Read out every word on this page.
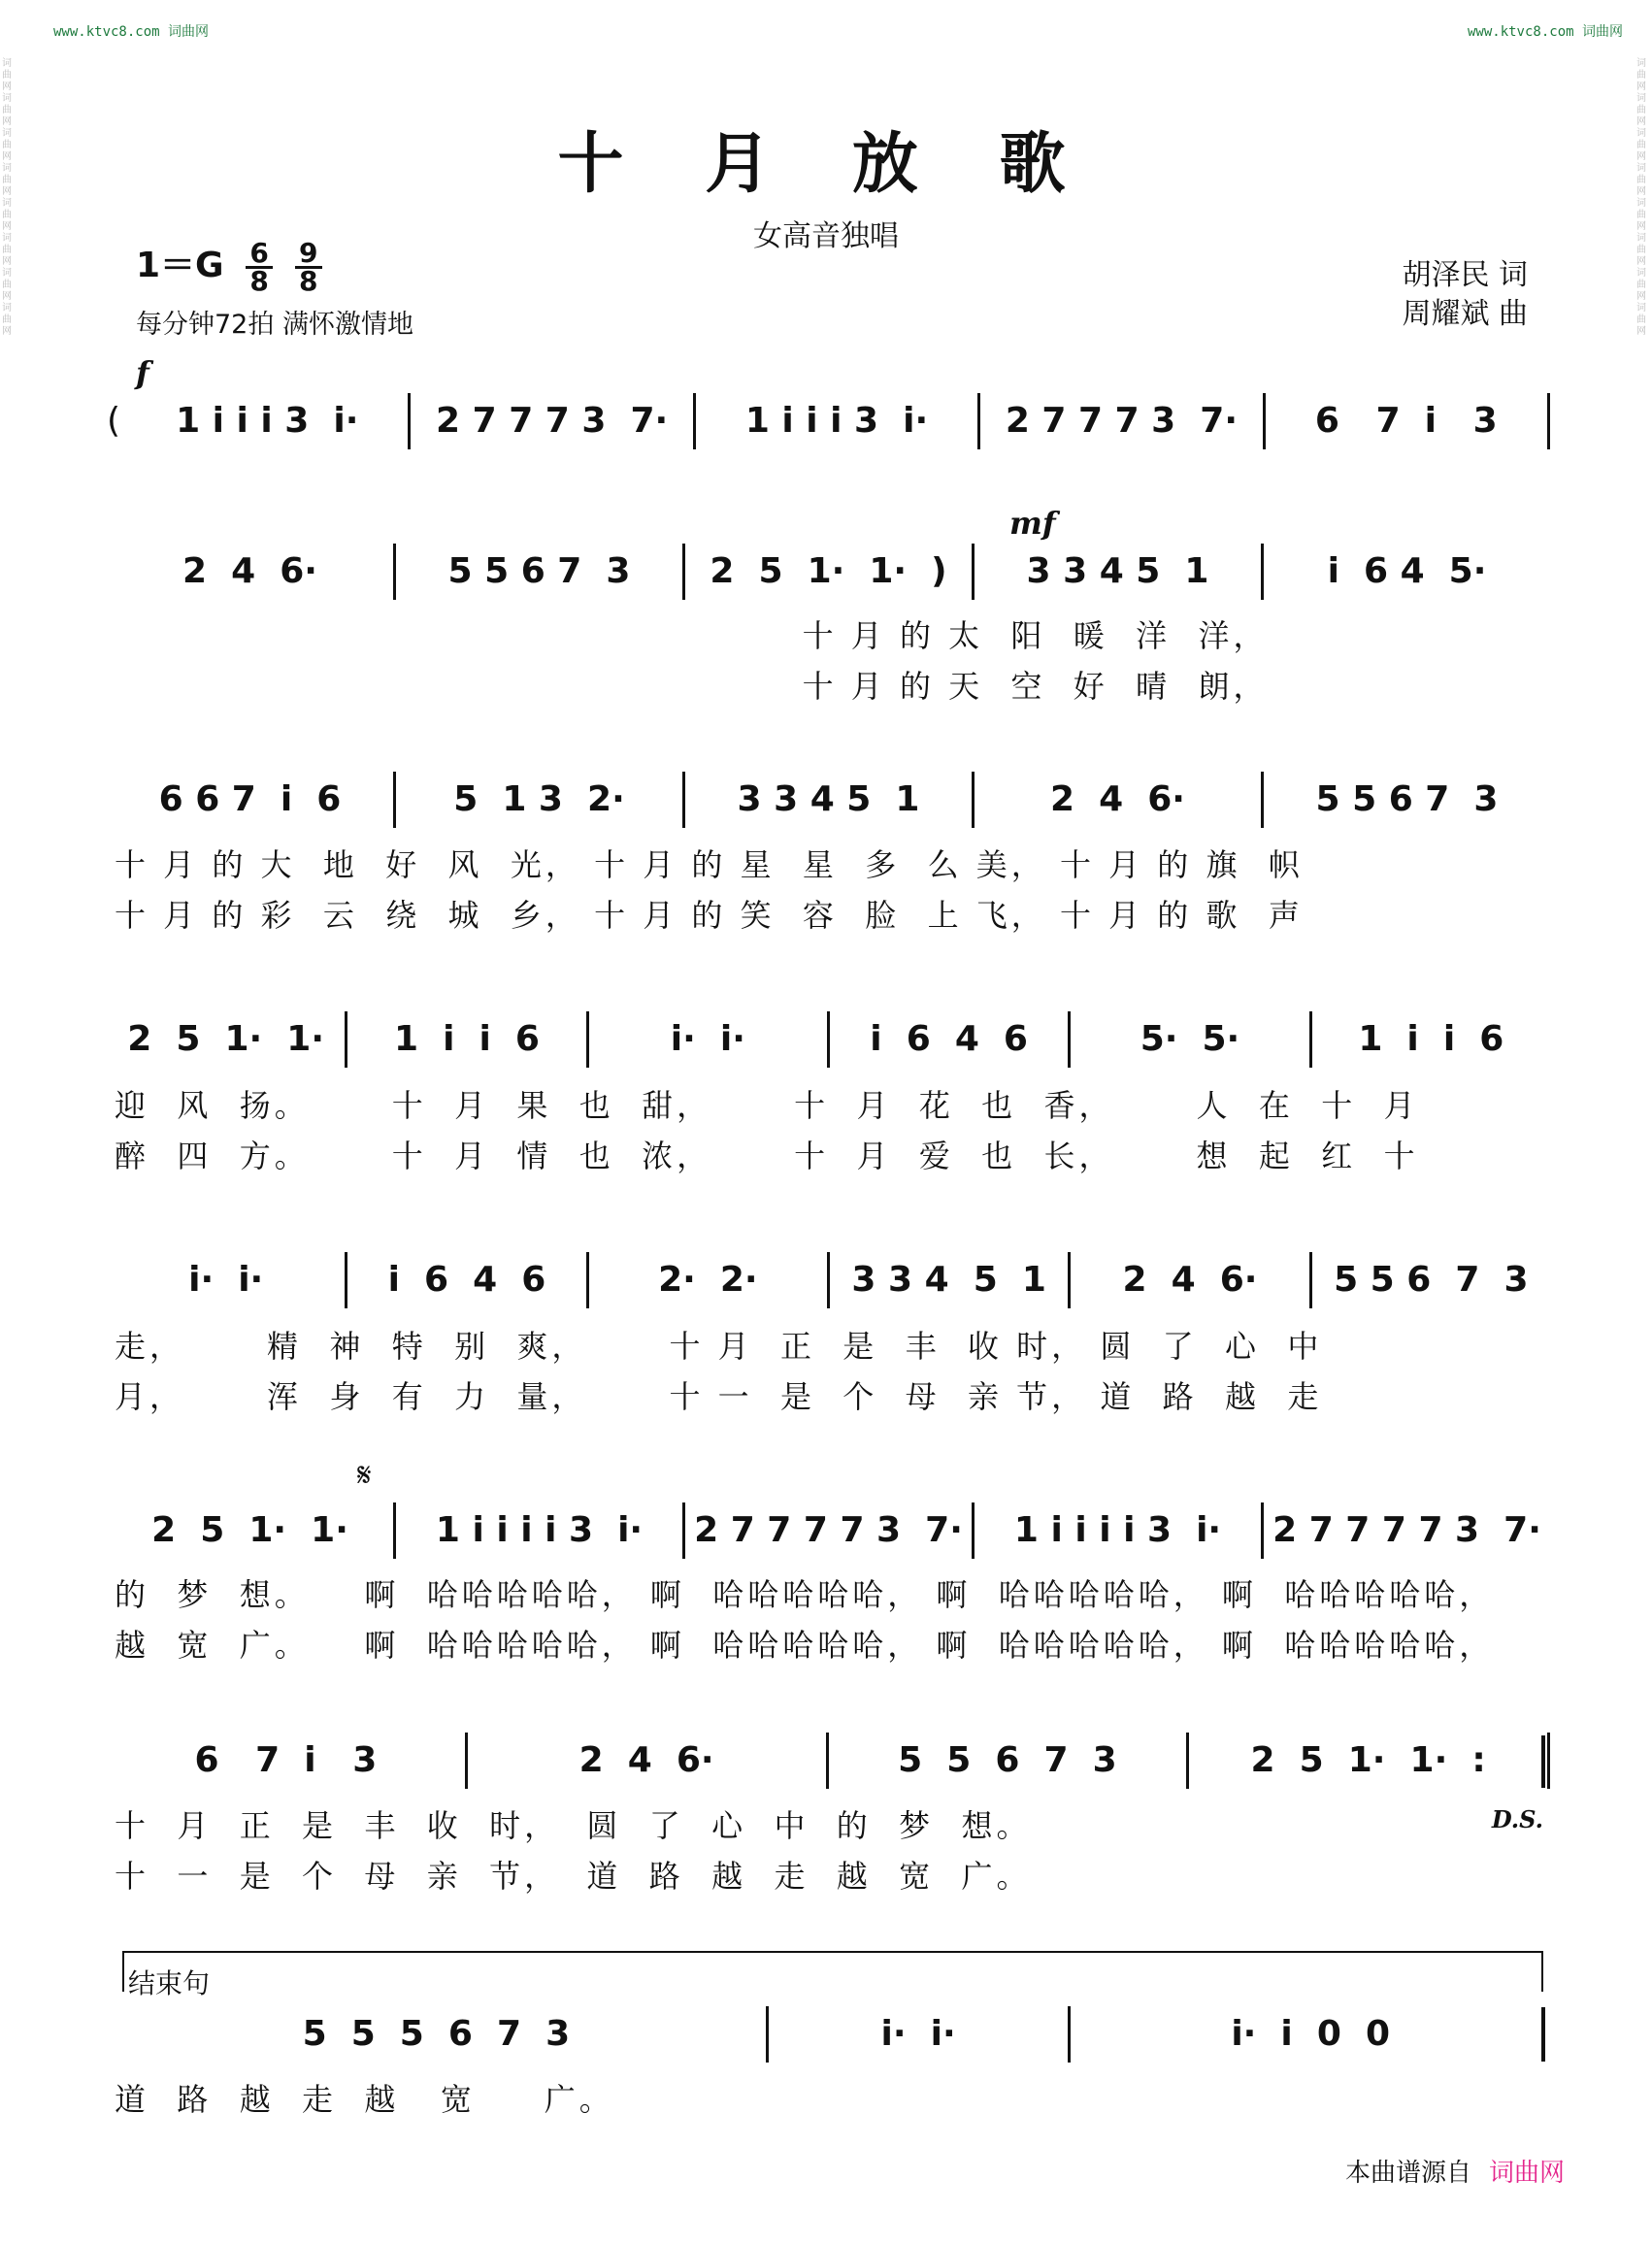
www.ktvc8.com 词曲网	www.ktvc8.com 词曲网
词曲网词曲网词曲网词曲网词曲网词曲网词曲网词曲网
词曲网词曲网词曲网词曲网词曲网词曲网词曲网词曲网
十 月 放 歌
女高音独唱
$1=G \frac{6}{8}$
$\frac{9}{8}$
每分钟72拍 满怀激情地
胡泽民 词
周耀斌 曲
f
(	1 i i i 3  i·	2 7 7 7 3  7·	1 i i i 3  i·	2 7 7 7 3  7·	6   7  i   3
mf
2  4  6·	5 5 6 7  3	2  5  1·  1·  )	3 3 4 5  1	i  6 4  5·
十 月 的 太  阳  暖  洋  洋，
十 月 的 天  空  好  晴  朗，
6 6 7  i  6	5  1 3  2·	3 3 4 5  1	2  4  6·	5 5 6 7  3
十 月 的 大  地  好  风  光， 十 月 的 星  星  多  么 美， 十 月 的 旗  帜
十 月 的 彩  云  绕  城  乡， 十 月 的 笑  容  脸  上 飞， 十 月 的 歌  声
2  5  1·  1·	1  i  i  6	i·  i·	i  6  4  6	5·  5·	1  i  i  6
迎  风  扬。      十  月  果  也  甜，      十  月  花  也  香，      人  在  十  月
醉  四  方。      十  月  情  也  浓，      十  月  爱  也  长，      想  起  红  十
i·  i·	i  6  4  6	2·  2·	3 3 4  5  1	2  4  6·	5 5 6  7  3
走，      精  神  特  别  爽，      十 月  正  是  丰  收 时， 圆  了  心  中
月，      浑  身  有  力  量，      十 一  是  个  母  亲 节， 道  路  越  走
𝄋
2  5  1·  1·	1 i i i i 3  i·	2 7 7 7 7 3  7·	1 i i i i 3  i·	2 7 7 7 7 3  7·
的  梦  想。    啊  哈哈哈哈哈， 啊  哈哈哈哈哈， 啊  哈哈哈哈哈， 啊  哈哈哈哈哈，
越  宽  广。    啊  哈哈哈哈哈， 啊  哈哈哈哈哈， 啊  哈哈哈哈哈， 啊  哈哈哈哈哈，
6   7  i   3	2  4  6·	5  5  6  7  3	2  5  1·  1·  :
十  月  正  是  丰  收  时，  圆  了  心  中  的  梦  想。	D.S.
十  一  是  个  母  亲  节，  道  路  越  走  越  宽  广。
结束句
5  5  5  6  7  3	i·  i·	i·  i  0  0
道  路  越  走  越   宽     广。
本曲谱源自 词曲网
